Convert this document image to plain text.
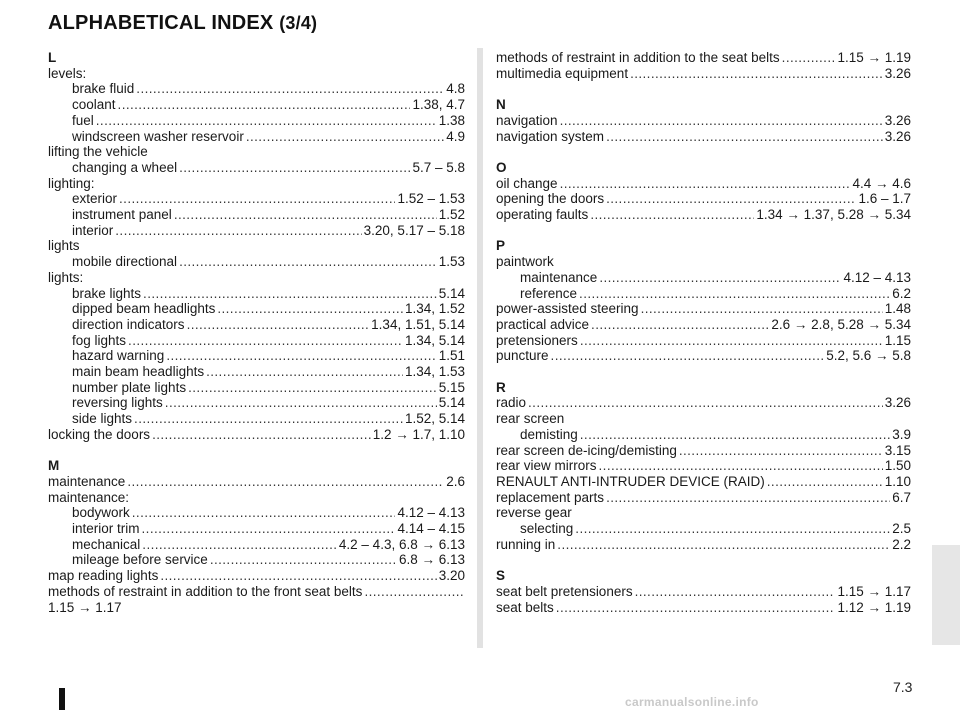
ALPHABETICAL INDEX (3/4)
L
levels:
brake fluid .....	4.8
coolant .....	1.38, 4.7
fuel .....	1.38
windscreen washer reservoir .....	4.9
lifting the vehicle
changing a wheel .....	5.7 – 5.8
lighting:
exterior .....	1.52 – 1.53
instrument panel .....	1.52
interior .....	3.20, 5.17 – 5.18
lights
mobile directional .....	1.53
lights:
brake lights .....	5.14
dipped beam headlights .....	1.34, 1.52
direction indicators .....	1.34, 1.51, 5.14
fog lights .....	1.34, 5.14
hazard warning .....	1.51
main beam headlights .....	1.34, 1.53
number plate lights .....	5.15
reversing lights .....	5.14
side lights .....	1.52, 5.14
locking the doors .....	1.2 → 1.7, 1.10
M
maintenance .....	2.6
maintenance:
bodywork .....	4.12 – 4.13
interior trim .....	4.14 – 4.15
mechanical .....	4.2 – 4.3, 6.8 → 6.13
mileage before service .....	6.8 → 6.13
map reading lights .....	3.20
methods of restraint in addition to the front seat belts
.....
1.15 → 1.17
methods of restraint in addition to the seat belts .....	1.15 → 1.19
multimedia equipment .....	3.26
N
navigation .....	3.26
navigation system .....	3.26
O
oil change .....	4.4 → 4.6
opening the doors .....	1.6 – 1.7
operating faults .....	1.34 → 1.37, 5.28 → 5.34
P
paintwork
maintenance .....	4.12 – 4.13
reference .....	6.2
power-assisted steering .....	1.48
practical advice .....	2.6 → 2.8, 5.28 → 5.34
pretensioners .....	1.15
puncture .....	5.2, 5.6 → 5.8
R
radio .....	3.26
rear screen
demisting .....	3.9
rear screen de-icing/demisting .....	3.15
rear view mirrors .....	1.50
RENAULT ANTI-INTRUDER DEVICE (RAID) .....	1.10
replacement parts .....	6.7
reverse gear
selecting .....	2.5
running in .....	2.2
S
seat belt pretensioners .....	1.15 → 1.17
seat belts .....	1.12 → 1.19
7.3
carmanualsonline.info
